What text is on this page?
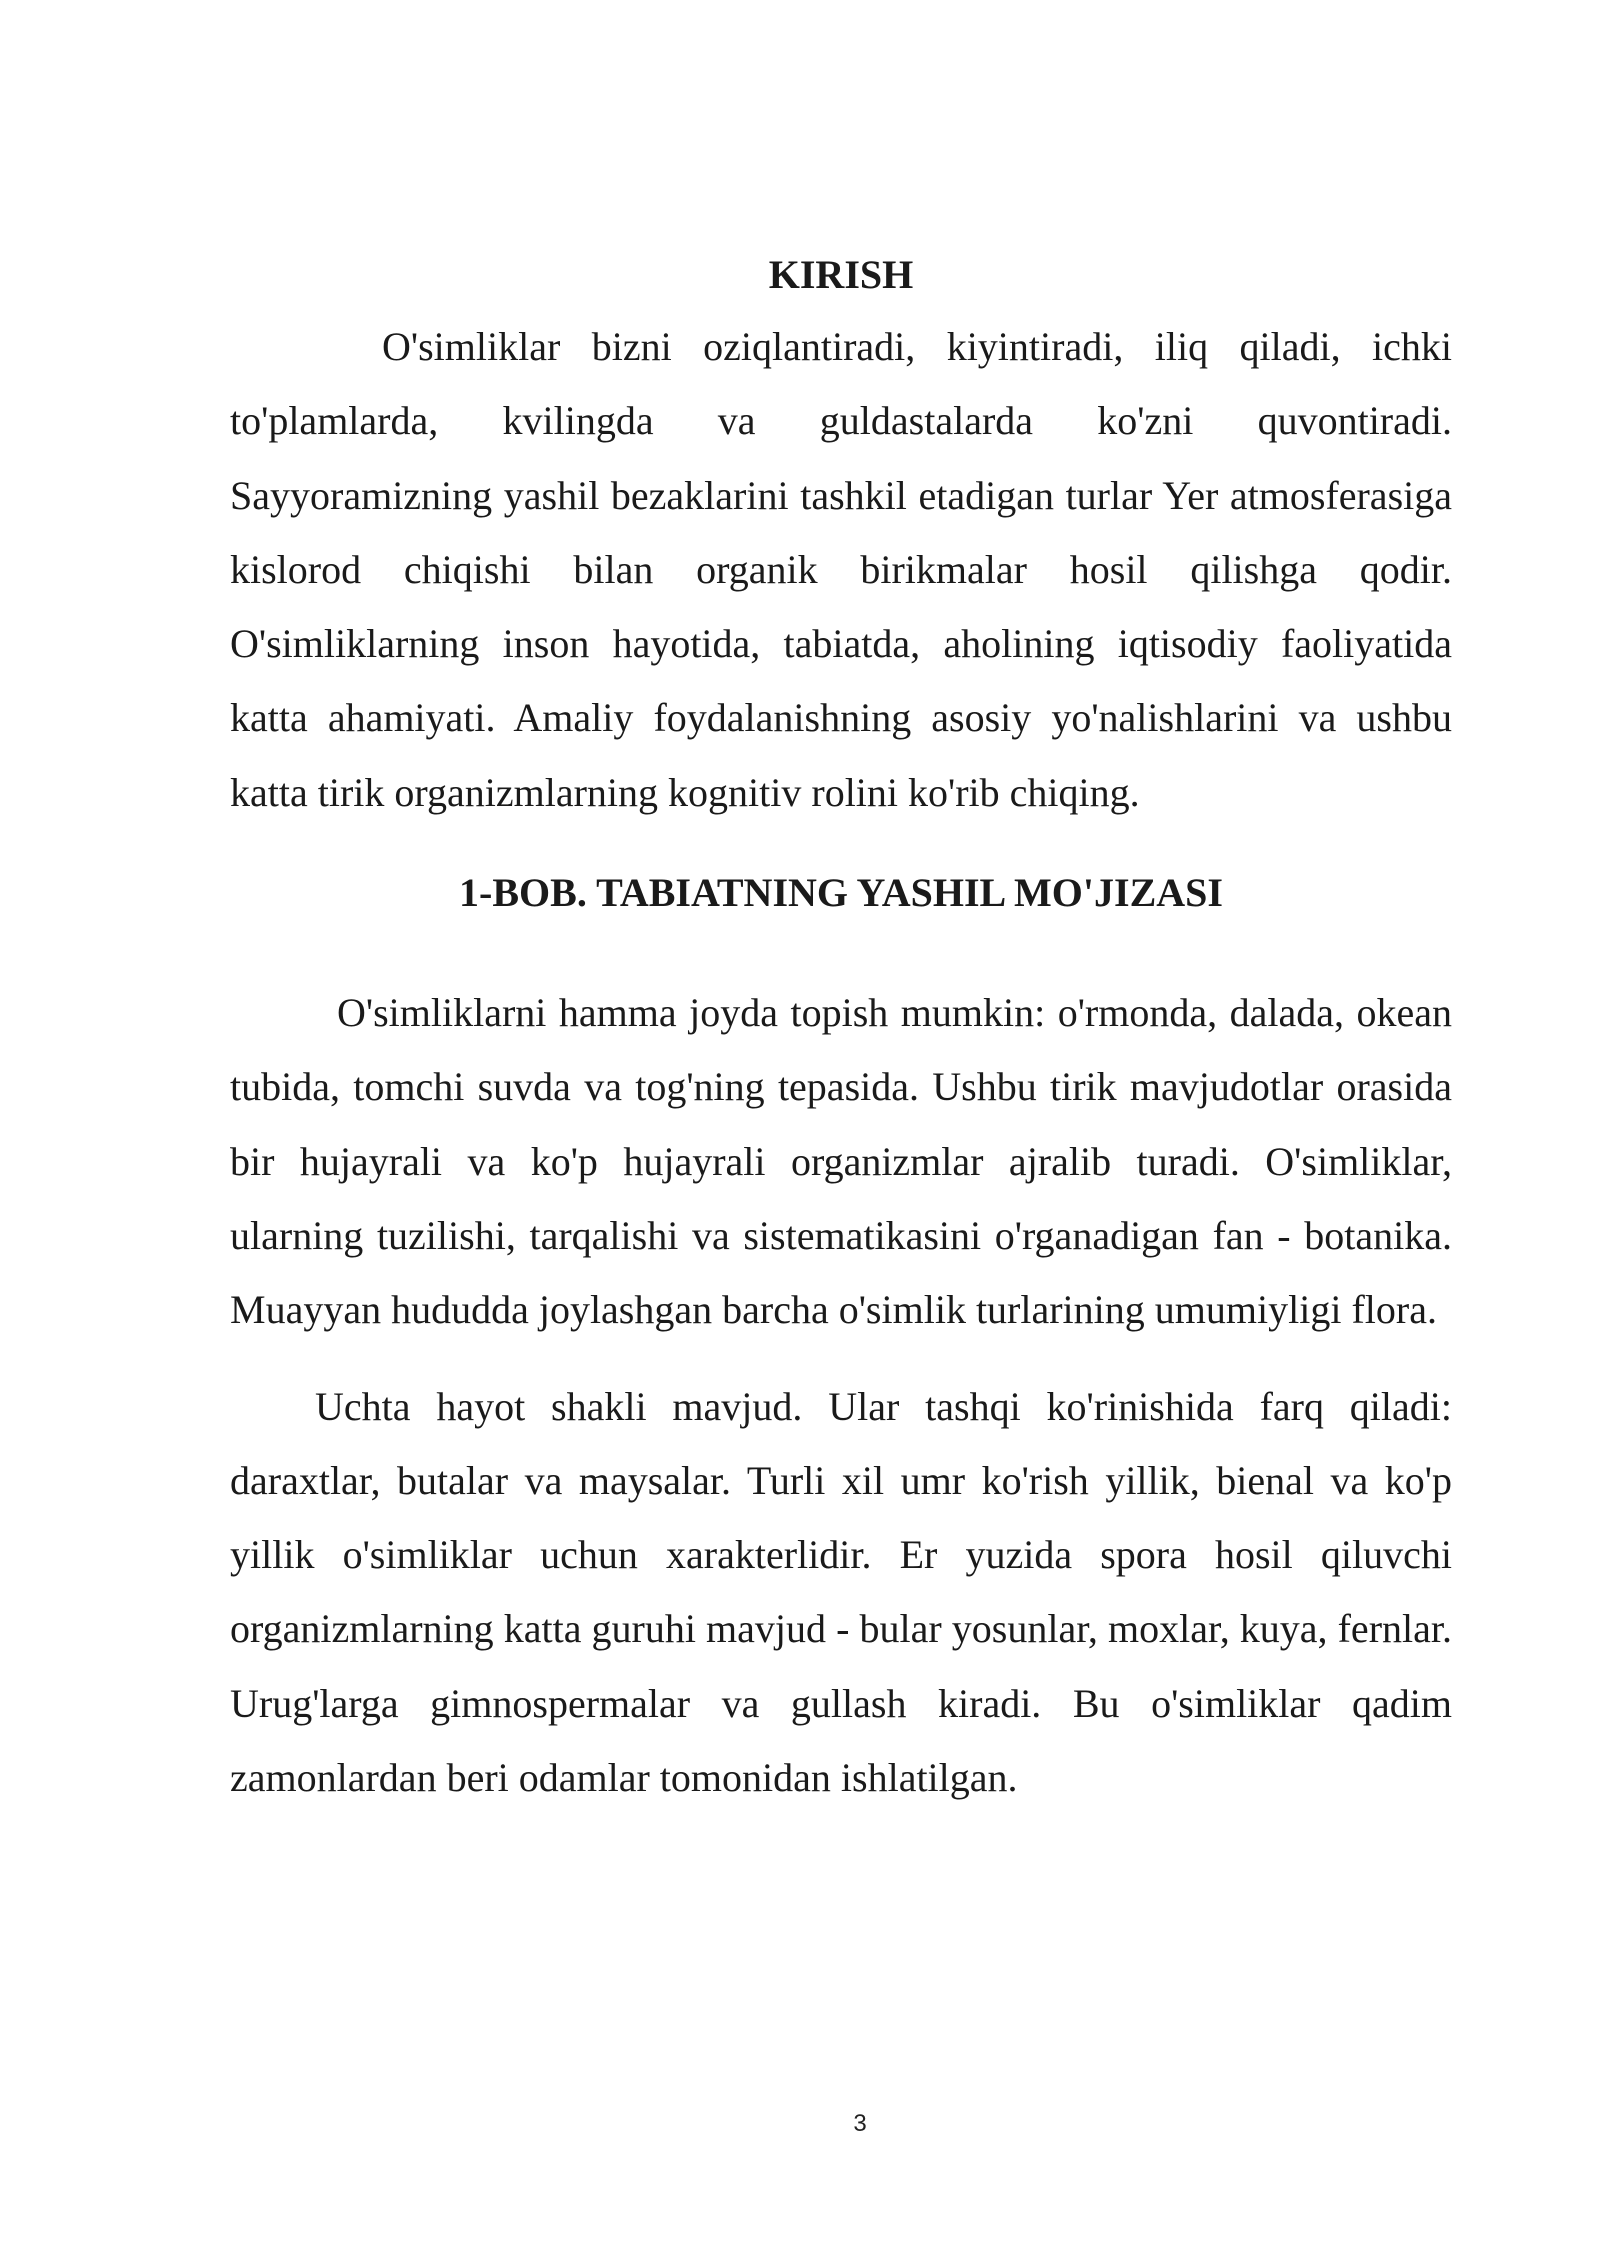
KIRISH

O'simliklar bizni oziqlantiradi, kiyintiradi, iliq qiladi, ichki to'plamlarda, kvilingda va guldastalarda ko'zni quvontiradi. Sayyoramizning yashil bezaklarini tashkil etadigan turlar Yer atmosferasiga kislorod chiqishi bilan organik birikmalar hosil qilishga qodir. O'simliklarning inson hayotida, tabiatda, aholining iqtisodiy faoliyatida katta ahamiyati. Amaliy foydalanishning asosiy yo'nalishlarini va ushbu katta tirik organizmlarning kognitiv rolini ko'rib chiqing.

1-BOB. TABIATNING YASHIL MO'JIZASI

O'simliklarni hamma joyda topish mumkin: o'rmonda, dalada, okean tubida, tomchi suvda va tog'ning tepasida. Ushbu tirik mavjudotlar orasida bir hujayrali va ko'p hujayrali organizmlar ajralib turadi. O'simliklar, ularning tuzilishi, tarqalishi va sistematikasini o'rganadigan fan - botanika. Muayyan hududda joylashgan barcha o'simlik turlarining umumiyligi flora.

Uchta hayot shakli mavjud. Ular tashqi ko'rinishida farq qiladi: daraxtlar, butalar va maysalar. Turli xil umr ko'rish yillik, bienal va ko'p yillik o'simliklar uchun xarakterlidir. Er yuzida spora hosil qiluvchi organizmlarning katta guruhi mavjud - bular yosunlar, moxlar, kuya, fernlar. Urug'larga gimnospermalar va gullash kiradi. Bu o'simliklar qadim zamonlardan beri odamlar tomonidan ishlatilgan.

3
